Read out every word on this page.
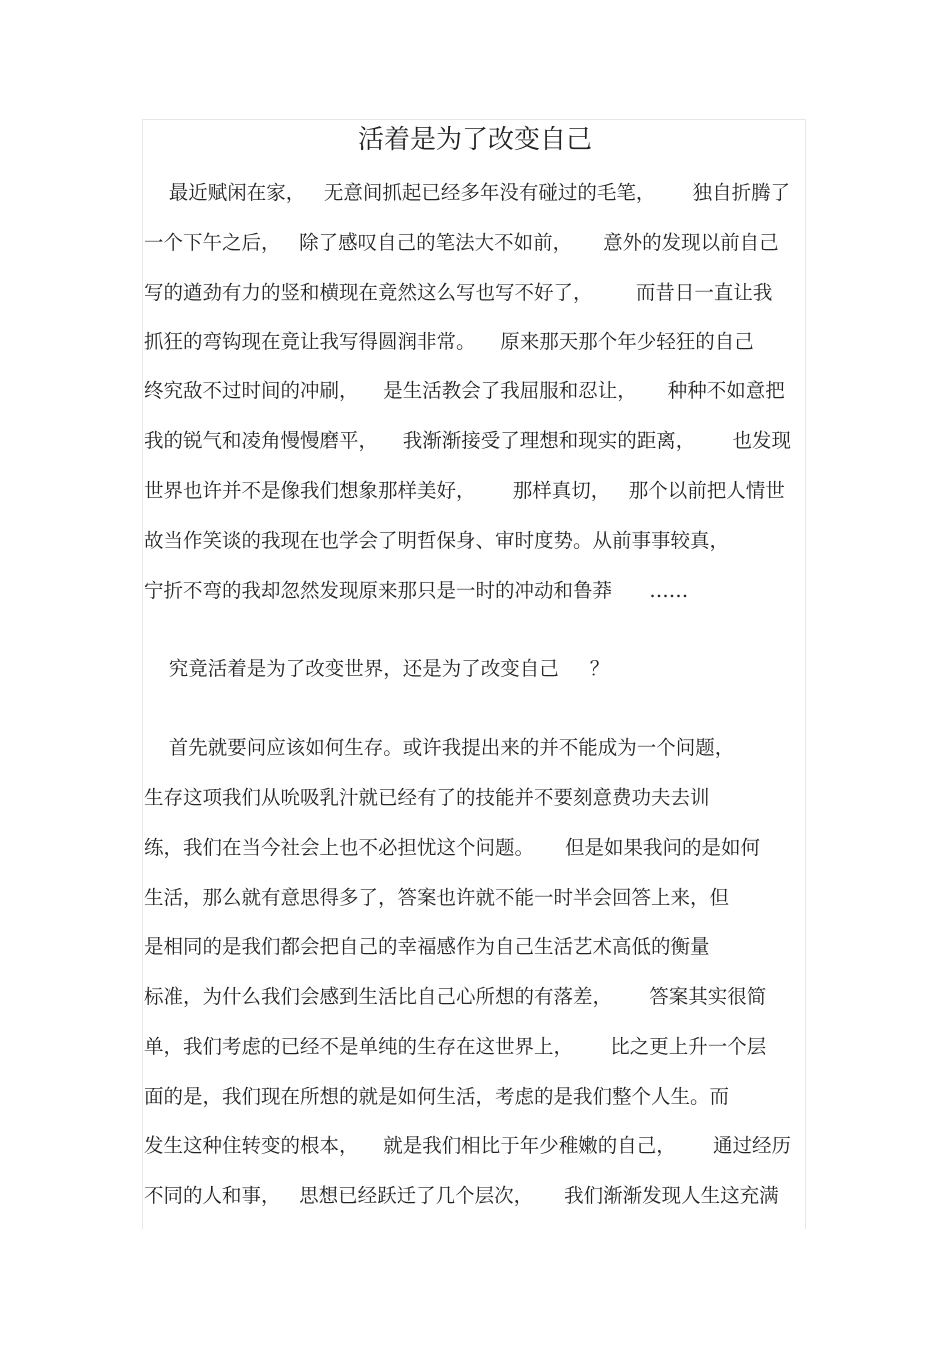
活着是为了改变自己
最近赋闲在家，   无意间抓起已经多年没有碰过的毛笔，      独自折腾了
一个下午之后，   除了感叹自己的笔法大不如前，     意外的发现以前自己
写的遒劲有力的竖和横现在竟然这么写也写不好了，       而昔日一直让我
抓狂的弯钩现在竟让我写得圆润非常。    原来那天那个年少轻狂的自己
终究敌不过时间的冲刷，    是生活教会了我屈服和忍让，     种种不如意把
我的锐气和凌角慢慢磨平，    我渐渐接受了理想和现实的距离，      也发现
世界也许并不是像我们想象那样美好，      那样真切，   那个以前把人情世
故当作笑谈的我现在也学会了明哲保身、审时度势。从前事事较真，
宁折不弯的我却忽然发现原来那只是一时的冲动和鲁莽      ……
究竟活着是为了改变世界，还是为了改变自己     ？
首先就要问应该如何生存。或许我提出来的并不能成为一个问题，
生存这项我们从吮吸乳汁就已经有了的技能并不要刻意费功夫去训
练，我们在当今社会上也不必担忧这个问题。     但是如果我问的是如何
生活，那么就有意思得多了，答案也许就不能一时半会回答上来，但
是相同的是我们都会把自己的幸福感作为自己生活艺术高低的衡量
标准，为什么我们会感到生活比自己心所想的有落差，      答案其实很简
单，我们考虑的已经不是单纯的生存在这世界上，      比之更上升一个层
面的是，我们现在所想的就是如何生活，考虑的是我们整个人生。而
发生这种住转变的根本，    就是我们相比于年少稚嫩的自己，      通过经历
不同的人和事，   思想已经跃迁了几个层次，     我们渐渐发现人生这充满
